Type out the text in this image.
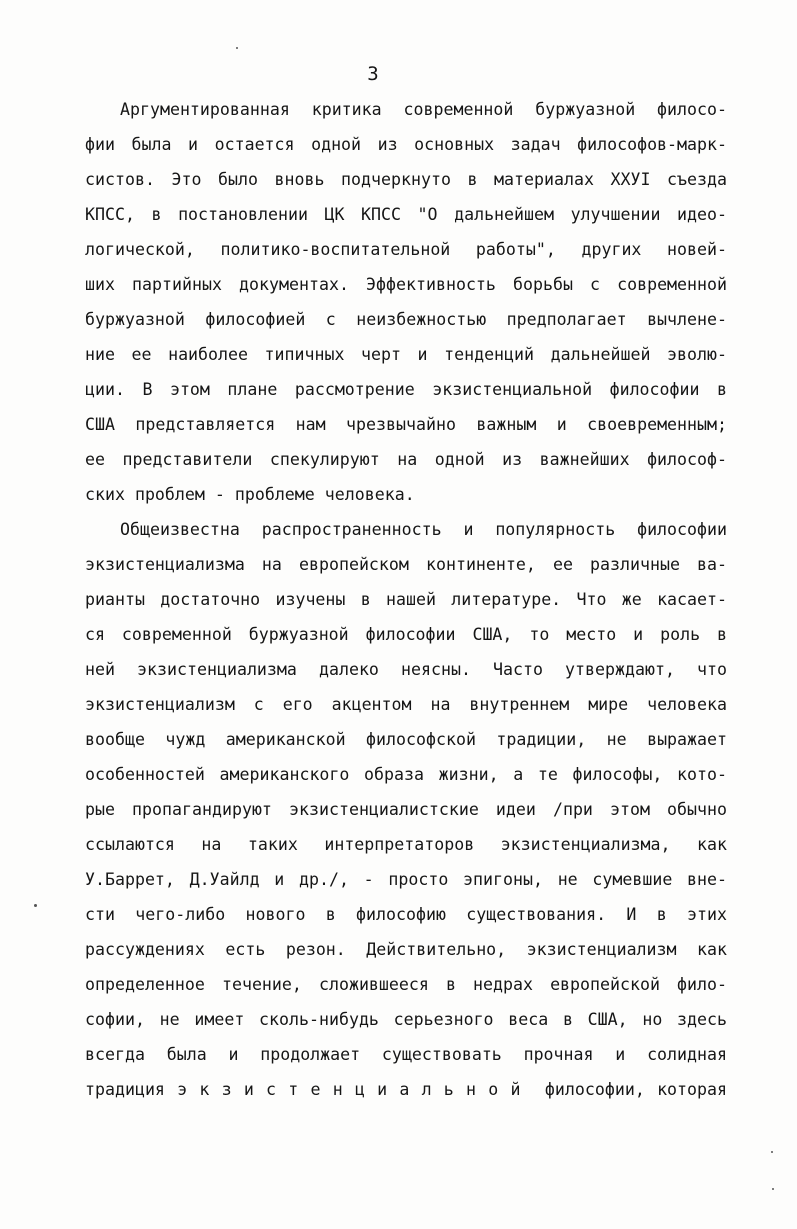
3
Аргументированная критика современной буржуазной филосо-
фии была и остается одной из основных задач философов-марк-
систов. Это было вновь подчеркнуто в материалах XXУI съезда
КПСС, в постановлении ЦК КПСС "О дальнейшем улучшении идео-
логической, политико-воспитательной работы", других новей-
ших партийных документах. Эффективность борьбы с современной
буржуазной философией с неизбежностью предполагает вычлене-
ние ее наиболее типичных черт и тенденций дальнейшей эволю-
ции. В этом плане рассмотрение экзистенциальной философии в
США представляется нам чрезвычайно важным и своевременным;
ее представители спекулируют на одной из важнейших философ-
ских проблем - проблеме человека.
Общеизвестна распространенность и популярность философии
экзистенциализма на европейском континенте, ее различные ва-
рианты достаточно изучены в нашей литературе. Что же касает-
ся современной буржуазной философии США, то место и роль в
ней экзистенциализма далеко неясны. Часто утверждают, что
экзистенциализм с его акцентом на внутреннем мире человека
вообще чужд американской философской традиции, не выражает
особенностей американского образа жизни, а те философы, кото-
рые пропагандируют экзистенциалистские идеи /при этом обычно
ссылаются на таких интерпретаторов экзистенциализма, как
У.Баррет, Д.Уайлд и др./, - просто эпигоны, не сумевшие вне-
сти чего-либо нового в философию существования. И в этих
рассуждениях есть резон. Действительно, экзистенциализм как
определенное течение, сложившееся в недрах европейской фило-
софии, не имеет сколь-нибудь серьезного веса в США, но здесь
всегда была и продолжает существовать прочная и солидная
традиция э к з и с т е н ц и а л ь н о й  философии, которая
